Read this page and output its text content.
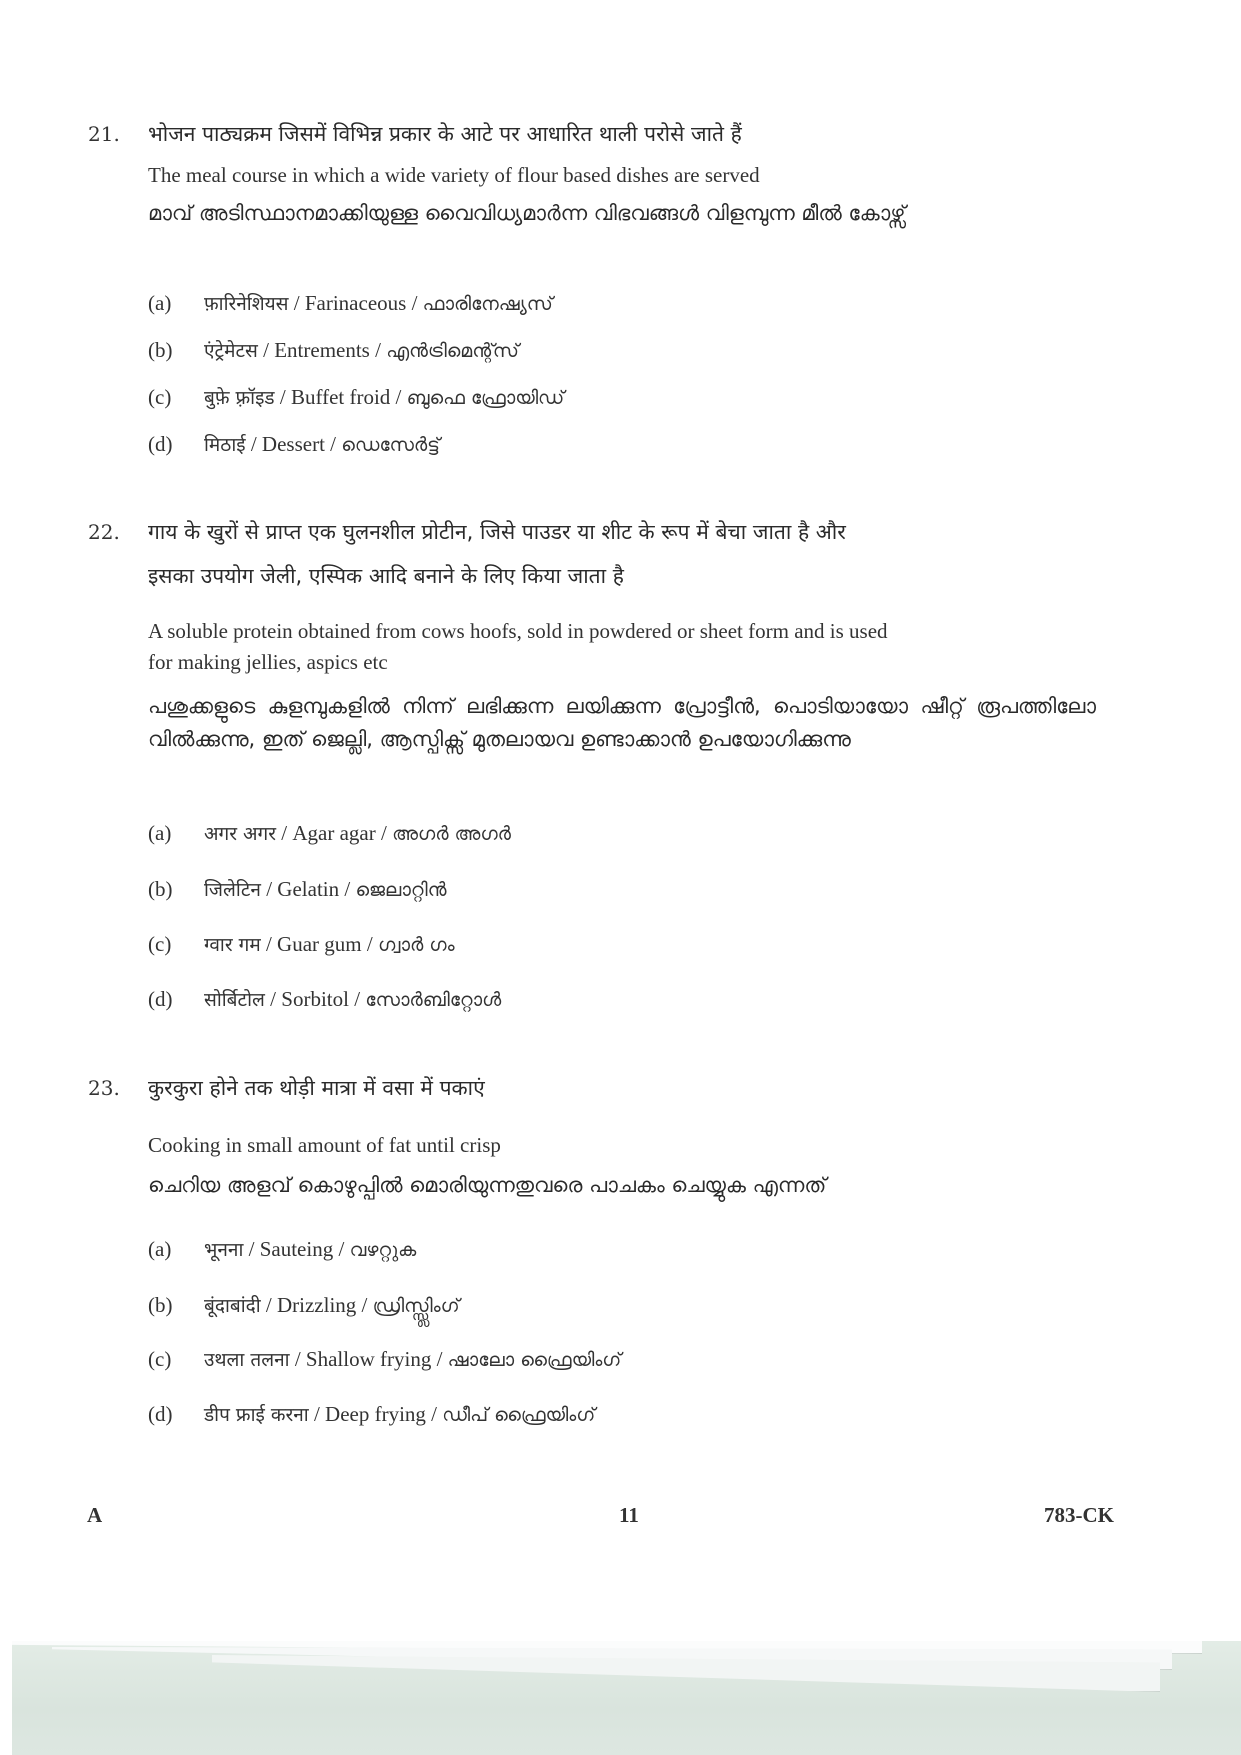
21. भोजन पाठ्यक्रम जिसमें विभिन्न प्रकार के आटे पर आधारित थाली परोसे जाते हैं
The meal course in which a wide variety of flour based dishes are served
മാവ് അടിസ്ഥാനമാക്കിയുള്ള വൈവിധ്യമാർന്ന വിഭവങ്ങൾ വിളമ്പുന്ന മീൽ കോഴ്സ്
(a) फ़ारिनेशियस / Farinaceous / ഫാരിനേഷ്യസ്
(b) एंट्रेमेटस / Entrements / എൻട്രിമെന്റ്സ്
(c) बुफ़े फ़्रॉइड / Buffet froid / ബുഫെ ഫ്രോയിഡ്
(d) मिठाई / Dessert / ഡെസേർട്ട്
22. गाय के खुरों से प्राप्त एक घुलनशील प्रोटीन, जिसे पाउडर या शीट के रूप में बेचा जाता है और
इसका उपयोग जेली, एस्पिक आदि बनाने के लिए किया जाता है
A soluble protein obtained from cows hoofs, sold in powdered or sheet form and is used
for making jellies, aspics etc
പശുക്കളുടെ കുളമ്പുകളിൽ നിന്ന് ലഭിക്കുന്ന ലയിക്കുന്ന പ്രോട്ടീൻ, പൊടിയായോ ഷീറ്റ് രൂപത്തിലോ വിൽക്കുന്നു, ഇത് ജെല്ലി, ആസ്പിക്സ് മുതലായവ ഉണ്ടാക്കാൻ ഉപയോഗിക്കുന്നു
(a) अगर अगर / Agar agar / അഗർ അഗർ
(b) जिलेटिन / Gelatin / ജെലാറ്റിൻ
(c) ग्वार गम / Guar gum / ഗ്വാർ ഗം
(d) सोर्बिटोल / Sorbitol / സോർബിറ്റോൾ
23. कुरकुरा होने तक थोड़ी मात्रा में वसा में पकाएं
Cooking in small amount of fat until crisp
ചെറിയ അളവ് കൊഴുപ്പിൽ മൊരിയുന്നതുവരെ പാചകം ചെയ്യുക എന്നത്
(a) भूनना / Sauteing / വഴറ്റുക
(b) बूंदाबांदी / Drizzling / ഡ്രിസ്സ്ലിംഗ്
(c) उथला तलना / Shallow frying / ഷാലോ ഫ്രൈയിംഗ്
(d) डीप फ्राई करना / Deep frying / ഡീപ് ഫ്രൈയിംഗ്
A	11	783-CK
